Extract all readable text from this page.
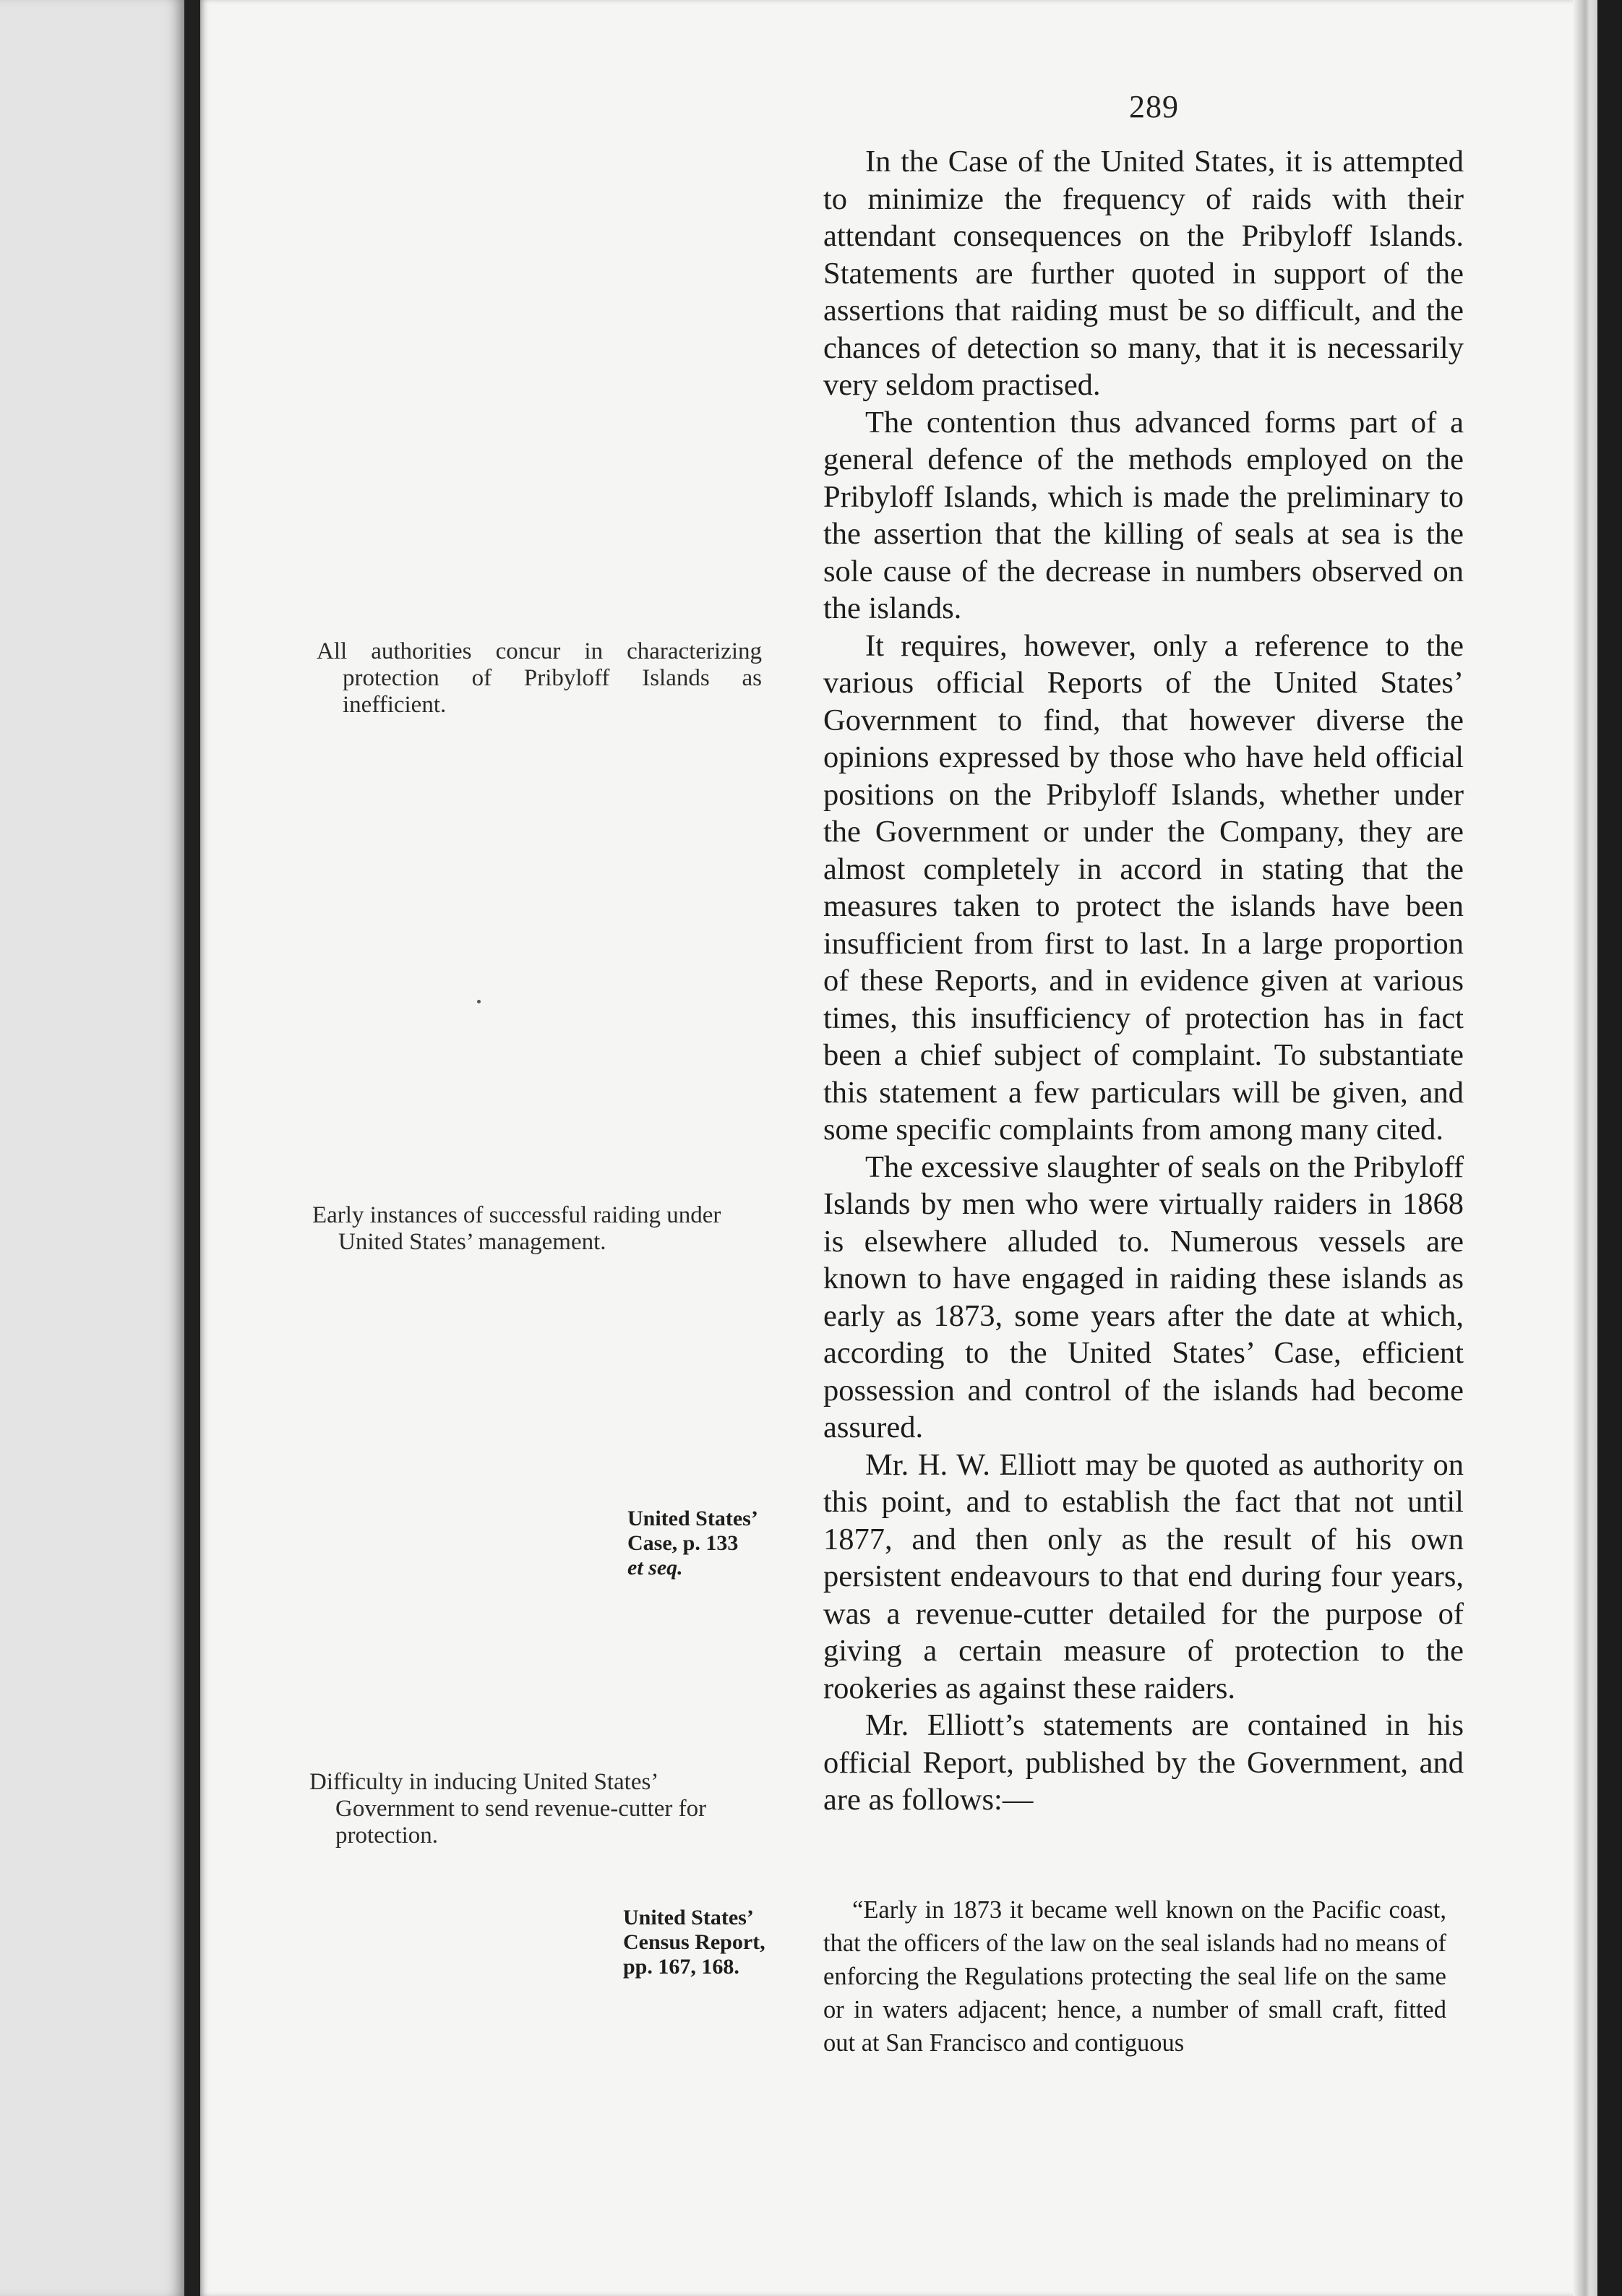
289

In the Case of the United States, it is attempted to minimize the frequency of raids with their attendant consequences on the Pribyloff Islands. Statements are further quoted in support of the assertions that raiding must be so difficult, and the chances of detection so many, that it is necessarily very seldom practised.

The contention thus advanced forms part of a general defence of the methods employed on the Pribyloff Islands, which is made the preliminary to the assertion that the killing of seals at sea is the sole cause of the decrease in numbers observed on the islands.

It requires, however, only a reference to the various official Reports of the United States’ Government to find, that however diverse the opinions expressed by those who have held official positions on the Pribyloff Islands, whether under the Government or under the Company, they are almost completely in accord in stating that the measures taken to protect the islands have been insufficient from first to last. In a large proportion of these Reports, and in evidence given at various times, this insufficiency of protection has in fact been a chief subject of complaint. To substantiate this statement a few particulars will be given, and some specific complaints from among many cited.

The excessive slaughter of seals on the Pribyloff Islands by men who were virtually raiders in 1868 is elsewhere alluded to. Numerous vessels are known to have engaged in raiding these islands as early as 1873, some years after the date at which, according to the United States’ Case, efficient possession and control of the islands had become assured.

Mr. H. W. Elliott may be quoted as authority on this point, and to establish the fact that not until 1877, and then only as the result of his own persistent endeavours to that end during four years, was a revenue-cutter detailed for the purpose of giving a certain measure of protection to the rookeries as against these raiders.

Mr. Elliott’s statements are contained in his official Report, published by the Government, and are as follows:—

“Early in 1873 it became well known on the Pacific coast, that the officers of the law on the seal islands had no means of enforcing the Regulations protecting the seal life on the same or in waters adjacent; hence, a number of small craft, fitted out at San Francisco and contiguous

All authorities concur in characterizing protection of Pribyloff Islands as inefficient.
Early instances of successful raiding under United States’ management.
Difficulty in inducing United States’ Government to send revenue-cutter for protection.
United States’
Case, p. 133
et seq.
United States’
Census Report,
pp. 167, 168.
